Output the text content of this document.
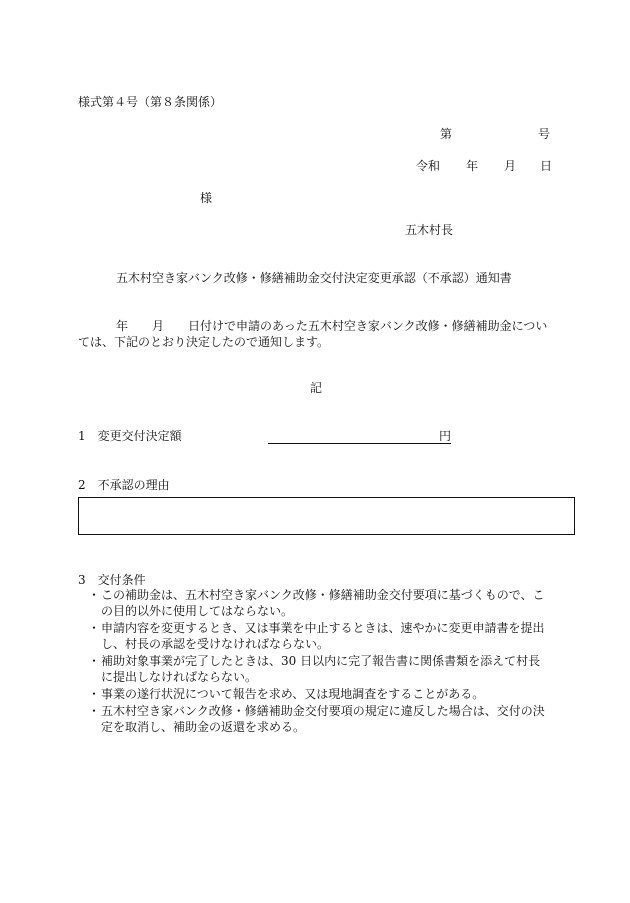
様式第４号（第８条関係）
第	号
令和 年 月 日
様
五木村長
五木村空き家バンク改修・修繕補助金交付決定変更承認（不承認）通知書

年　　月　　日付けで申請のあった五木村空き家バンク改修・修繕補助金につい

ては、下記のとおり決定したので通知します。

記
1　変更交付決定額	円
2　不承認の理由
3　交付条件
・ この補助金は、五木村空き家バンク改修・修繕補助金交付要項に基づくもので、こ
の目的以外に使用してはならない。
・ 申請内容を変更するとき、又は事業を中止するときは、速やかに変更申請書を提出
し、村長の承認を受けなければならない。
・ 補助対象事業が完了したときは、30 日以内に完了報告書に関係書類を添えて村長
に提出しなければならない。
・ 事業の遂行状況について報告を求め、又は現地調査をすることがある。
・ 五木村空き家バンク改修・修繕補助金交付要項の規定に違反した場合は、交付の決
定を取消し、補助金の返還を求める。
